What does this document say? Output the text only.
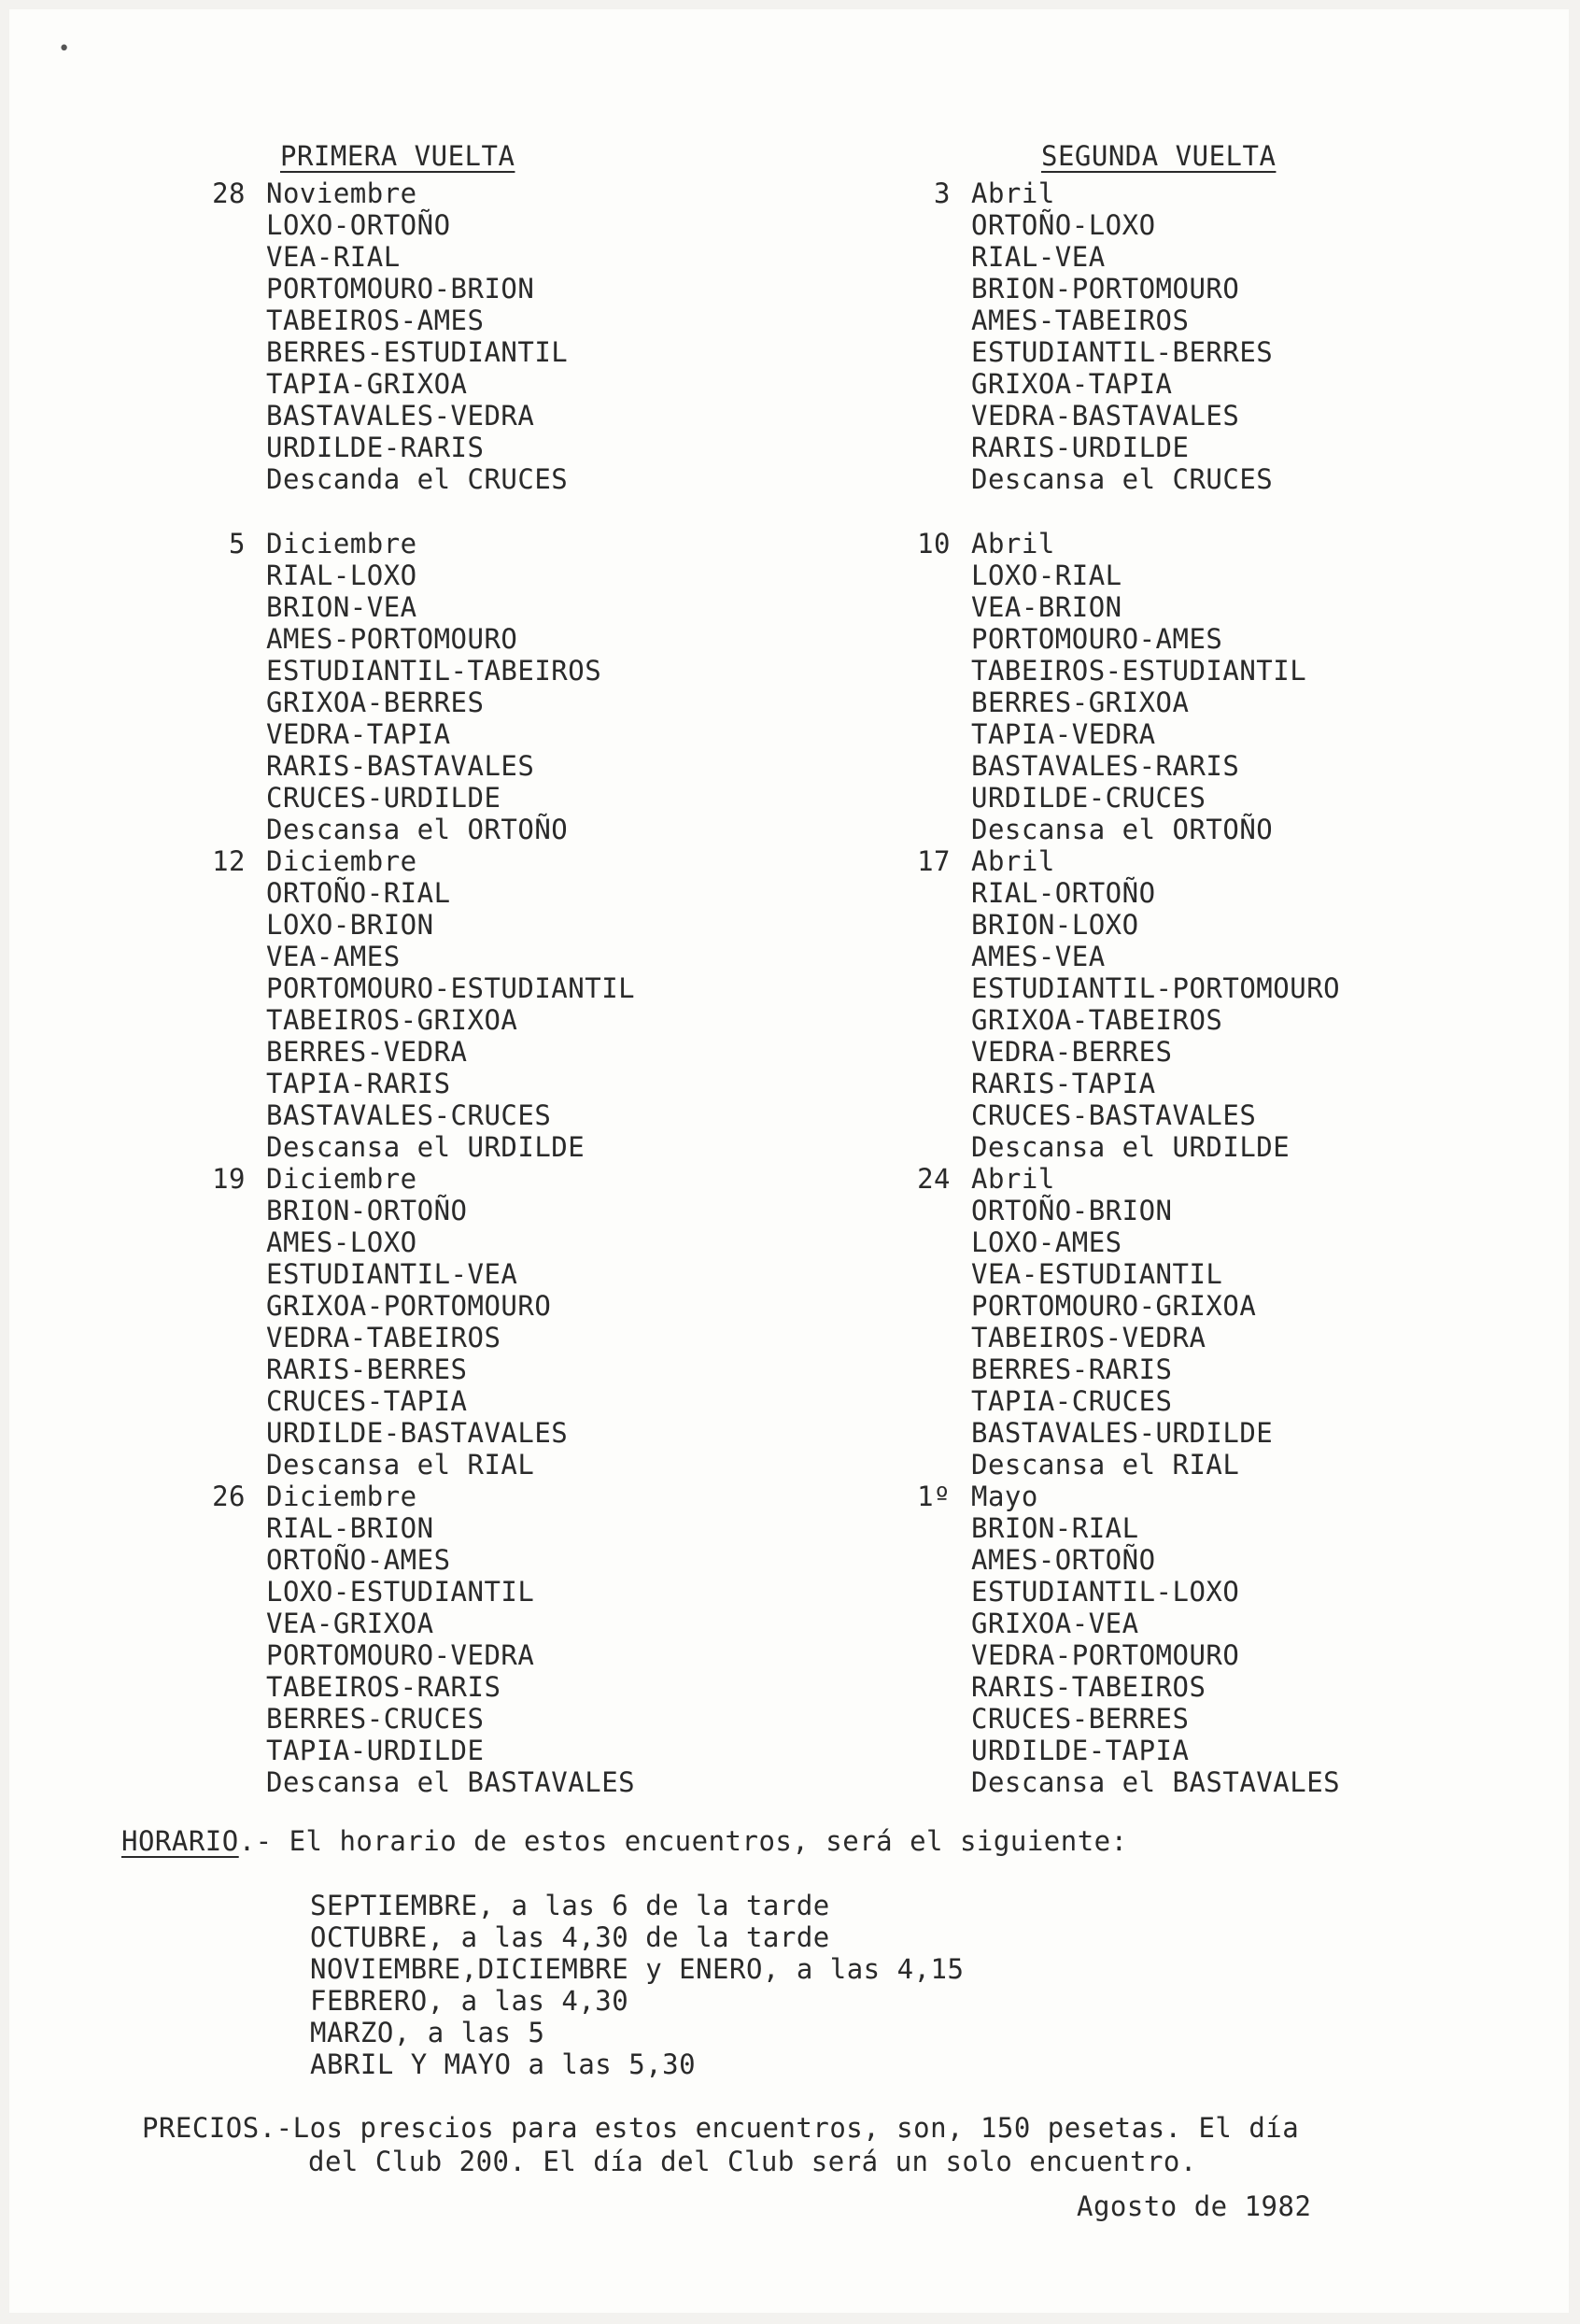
•
PRIMERA VUELTA
28 Noviembre
LOXO-ORTOÑO
VEA-RIAL
PORTOMOURO-BRION
TABEIROS-AMES
BERRES-ESTUDIANTIL
TAPIA-GRIXOA
BASTAVALES-VEDRA
URDILDE-RARIS
Descanda el CRUCES
5 Diciembre
RIAL-LOXO
BRION-VEA
AMES-PORTOMOURO
ESTUDIANTIL-TABEIROS
GRIXOA-BERRES
VEDRA-TAPIA
RARIS-BASTAVALES
CRUCES-URDILDE
Descansa el ORTOÑO
12 Diciembre
ORTOÑO-RIAL
LOXO-BRION
VEA-AMES
PORTOMOURO-ESTUDIANTIL
TABEIROS-GRIXOA
BERRES-VEDRA
TAPIA-RARIS
BASTAVALES-CRUCES
Descansa el URDILDE
19 Diciembre
BRION-ORTOÑO
AMES-LOXO
ESTUDIANTIL-VEA
GRIXOA-PORTOMOURO
VEDRA-TABEIROS
RARIS-BERRES
CRUCES-TAPIA
URDILDE-BASTAVALES
Descansa el RIAL
26 Diciembre
RIAL-BRION
ORTOÑO-AMES
LOXO-ESTUDIANTIL
VEA-GRIXOA
PORTOMOURO-VEDRA
TABEIROS-RARIS
BERRES-CRUCES
TAPIA-URDILDE
Descansa el BASTAVALES
SEGUNDA VUELTA
3 Abril
ORTOÑO-LOXO
RIAL-VEA
BRION-PORTOMOURO
AMES-TABEIROS
ESTUDIANTIL-BERRES
GRIXOA-TAPIA
VEDRA-BASTAVALES
RARIS-URDILDE
Descansa el CRUCES
10 Abril
LOXO-RIAL
VEA-BRION
PORTOMOURO-AMES
TABEIROS-ESTUDIANTIL
BERRES-GRIXOA
TAPIA-VEDRA
BASTAVALES-RARIS
URDILDE-CRUCES
Descansa el ORTOÑO
17 Abril
RIAL-ORTOÑO
BRION-LOXO
AMES-VEA
ESTUDIANTIL-PORTOMOURO
GRIXOA-TABEIROS
VEDRA-BERRES
RARIS-TAPIA
CRUCES-BASTAVALES
Descansa el URDILDE
24 Abril
ORTOÑO-BRION
LOXO-AMES
VEA-ESTUDIANTIL
PORTOMOURO-GRIXOA
TABEIROS-VEDRA
BERRES-RARIS
TAPIA-CRUCES
BASTAVALES-URDILDE
Descansa el RIAL
1º Mayo
BRION-RIAL
AMES-ORTOÑO
ESTUDIANTIL-LOXO
GRIXOA-VEA
VEDRA-PORTOMOURO
RARIS-TABEIROS
CRUCES-BERRES
URDILDE-TAPIA
Descansa el BASTAVALES
HORARIO.- El horario de estos encuentros, será el siguiente:
SEPTIEMBRE, a las 6 de la tarde
OCTUBRE, a las 4,30 de la tarde
NOVIEMBRE,DICIEMBRE y ENERO, a las 4,15
FEBRERO, a las 4,30
MARZO, a las 5
ABRIL Y MAYO a las 5,30
PRECIOS.-Los prescios para estos encuentros, son, 150 pesetas. El día
del Club 200. El día del Club será un solo encuentro.
Agosto de 1982
